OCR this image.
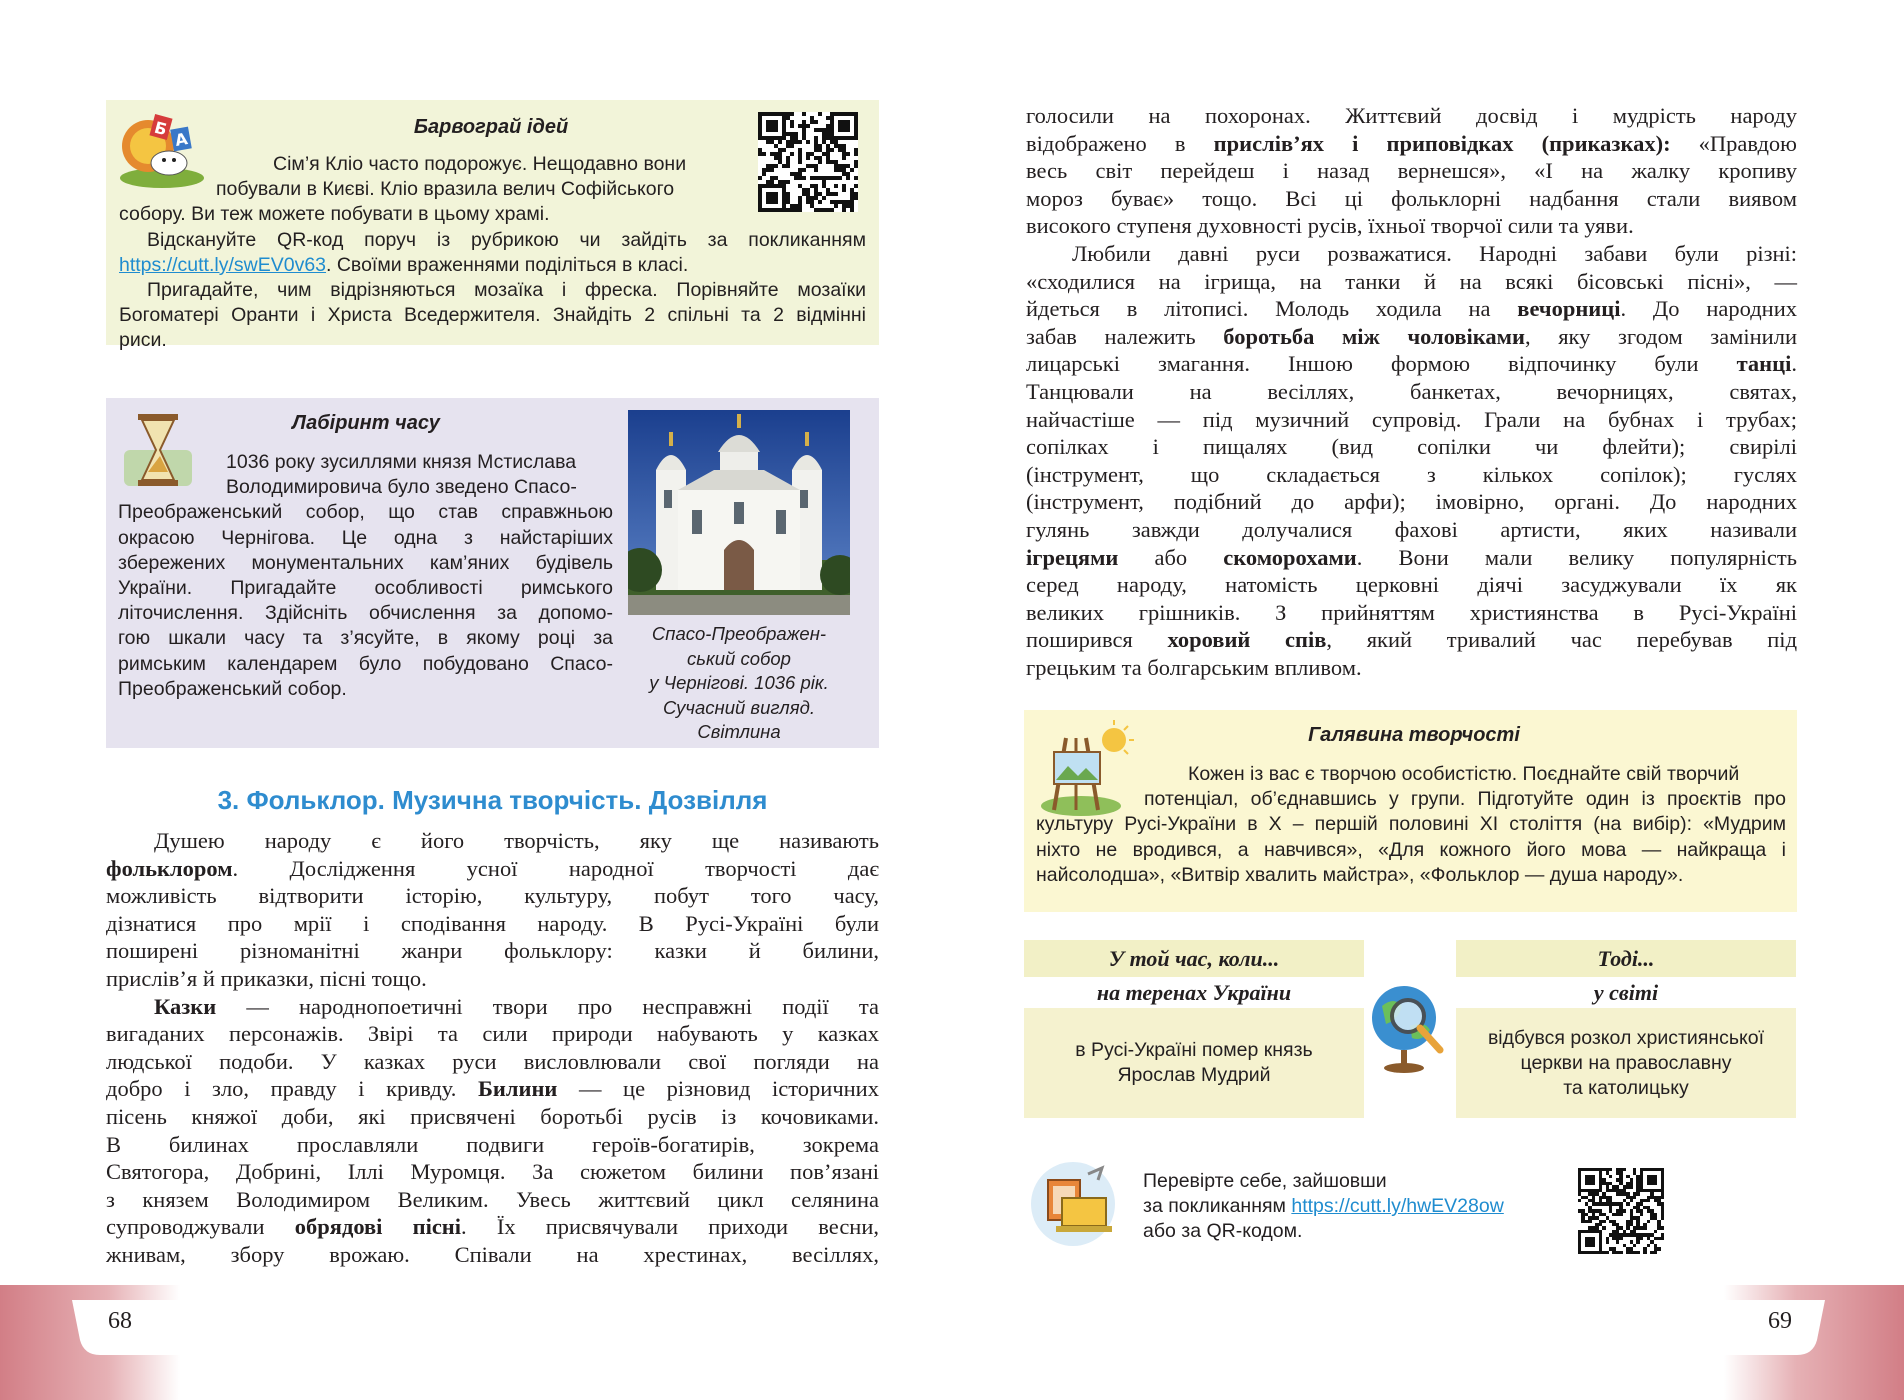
Б
А
Барвограй ідей
Сім’я Кліо часто подорожує. Нещодавно вони
побували в Києві. Кліо вразила велич Софійського
собору. Ви теж можете побувати в цьому храмі.
Відскануйте QR-код поруч із рубрикою чи зайдіть за покликанням
https://cutt.ly/swEV0v63. Своїми враженнями поділіться в класі.
Пригадайте, чим відрізняються мозаїка і фреска. Порівняйте мозаїки
Богоматері Оранти і Христа Вседержителя. Знайдіть 2 спільні та 2 відмінні
риси.
Лабіринт часу
1036 року зусиллями князя Мстислава
Володимировича було зведено Спасо-
Преображенський собор, що став справжньою
окрасою Чернігова. Це одна з найстаріших
збережених монументальних кам’яних будівель
України. Пригадайте особливості римського
літочислення. Здійсніть обчислення за допомо-
гою шкали часу та з’ясуйте, в якому році за
римським календарем було побудовано Спасо-
Преображенський собор.
Спасо-Преображен-
ський собор
у Чернігові. 1036 рік.
Сучасний вигляд.
Світлина
3. Фольклор. Музична творчість. Дозвілля
Душею народу є його творчість, яку ще називають
фольклором. Дослідження усної народної творчості дає
можливість відтворити історію, культуру, побут того часу,
дізнатися про мрії і сподівання народу. В Русі-Україні були
поширені різноманітні жанри фольклору: казки й билини,
прислів’я й приказки, пісні тощо.
Казки — народнопоетичні твори про несправжні події та
вигаданих персонажів. Звірі та сили природи набувають у казках
людської подоби. У казках руси висловлювали свої погляди на
добро і зло, правду і кривду. Билини — це різновид історичних
пісень княжої доби, які присвячені боротьбі русів із кочовиками.
В билинах прославляли подвиги героїв-богатирів, зокрема
Святогора, Добрині, Іллі Муромця. За сюжетом билини пов’язані
з князем Володимиром Великим. Увесь життєвий цикл селянина
супроводжували обрядові пісні. Їх присвячували приходи весни,
жнивам, збору врожаю. Співали на хрестинах, весіллях,
голосили на похоронах. Життєвий досвід і мудрість народу
відображено в прислів’ях і приповідках (приказках): «Правдою
весь світ перейдеш і назад вернешся», «І на жалку кропиву
мороз буває» тощо. Всі ці фольклорні надбання стали виявом
високого ступеня духовності русів, їхньої творчої сили та уяви.
Любили давні руси розважатися. Народні забави були різні:
«сходилися на ігрища, на танки й на всякі бісовські пісні», —
йдеться в літописі. Молодь ходила на вечорниці. До народних
забав належить боротьба між чоловіками, яку згодом замінили
лицарські змагання. Іншою формою відпочинку були танці.
Танцювали на весіллях, банкетах, вечорницях, святах,
найчастіше — під музичний супровід. Грали на бубнах і трубах;
сопілках і пищалях (вид сопілки чи флейти); свирілі
(інструмент, що складається з кількох сопілок); гуслях
(інструмент, подібний до арфи); імовірно, органі. До народних
гулянь завжди долучалися фахові артисти, яких називали
ігрецями або скоморохами. Вони мали велику популярність
серед народу, натомість церковні діячі засуджували їх як
великих грішників. З прийняттям християнства в Русі-Україні
поширився хоровий спів, який тривалий час перебував під
грецьким та болгарським впливом.
Галявина творчості
Кожен із вас є творчою особистістю. Поєднайте свій творчий
потенціал, об’єднавшись у групи. Підготуйте один із проєктів про
культуру Русі-України в X – першій половині XI століття (на вибір): «Мудрим
ніхто не вродився, а навчився», «Для кожного його мова — найкраща і
найсолодша», «Витвір хвалить майстра», «Фольклор — душа народу».
У той час, коли...
на теренах України
в Русі-Україні помер князь
Ярослав Мудрий
Тоді...
у світі
відбувся розкол християнської
церкви на православну
та католицьку
Перевірте себе, зайшовши
за покликанням https://cutt.ly/hwEV28ow
або за QR-кодом.
68	69
